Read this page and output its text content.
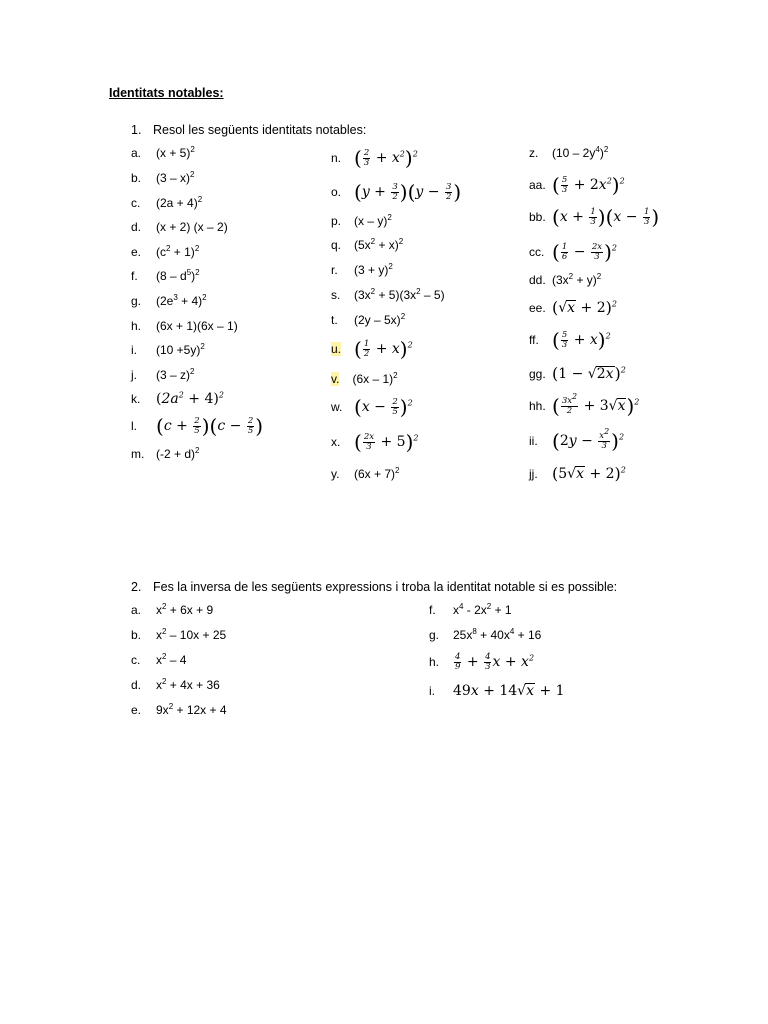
Identitats notables:
1. Resol les següents identitats notables:
a.	$(x + 5)^2$
b.	(3 – x)$^2$
c.	$(2a + 4)^2$
d.	(x + 2) (x – 2)
e.	$(c^2 + 1)^2$
f.	$(8 - d^5)^2$
g.	$(2e^3 + 4)^2$
h.	(6x + 1)(6x – 1)
i.	$(10 +5y)^2$
j.	(3 – z)$^2$
k.	$(2a^2 + 4)^2$
l. $(c + \frac{2}{5} )(c - \frac{2}{5}$ )
m. $(-2 + d)^2$
n. ( $\frac{2}{3} + x^2)^2$
o. $(y + \frac{3}{2} )(y - \frac{3}{2}$ )
p.	(x – y)$^2$
q.	$(5x^2 + x)^2$
r.	$(3 + y)^2$
s.	$(3x^2 + 5)(3x^2 - 5)$
t.	(2y – 5x)$^2$
u. ( $\frac{1}{2} + x)^2$
v. (6x – 1)$^2$
w. $(x - \frac{2}{5} )^2$
x. ( $\frac{2x}{3} + 5)^2$
y.	$(6x + 7)^2$
z.	$(10 - 2y^4)^2$
aa. ( $\frac{5}{3} + 2x^2)^2$
bb. $(x + \frac{1}{3} )(x - \frac{1}{3}$ )
cc. ( $\frac{1}{6} - \frac{2x}{3} )^2$
dd. $(3x^2 + y)^2$
ee. $(√x + 2)^2$
ff. ( $\frac{5}{3} + x)^2$
gg. $(1 - √2x)^2$
hh. ( $\frac{3x^2}{2} + 3√x)^2$
ii. $(2y - \frac{x^2}{3} )^2$
jj. $(5√x + 2)^2$
2. Fes la inversa de les següents expressions i troba la identitat notable si es possible:
a.	$x^2 + 6x + 9$
b.	$x^2 - 10x + 25$
c.	$x^2 - 4$
d.	$x^2 + 4x + 36$
e.	$9x^2 + 12x + 4$
f.	$x^4 - 2x^2 + 1$
g.	$25x^8 + 40x^4 + 16$
h.	$\frac{4}{9} + \frac{4}{3}$ $x + x^2$
i.	49x + 14√x + 1
